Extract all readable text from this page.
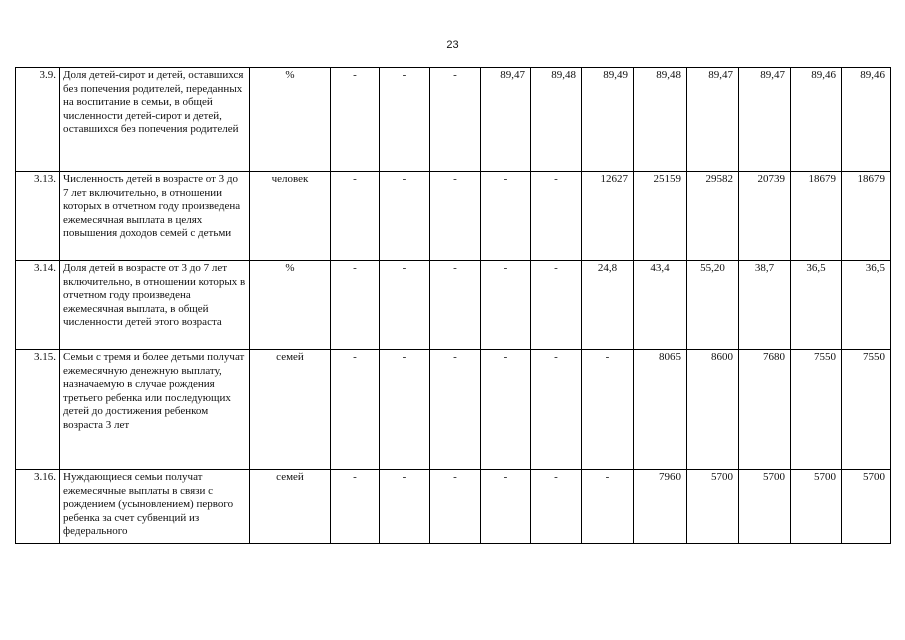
23
3.9.	Доля детей-сирот и детей, оставшихся без попечения родителей, переданных на воспитание в семьи, в общей численности детей-сирот и детей, оставшихся без попечения родителей	%	-	-	-	89,47	89,48	89,49	89,48	89,47	89,47	89,46	89,46
3.13.	Численность детей в возрасте от 3 до 7 лет включительно, в отношении которых в отчетном году произведена ежемесячная выплата в целях повышения доходов семей с детьми	человек	-	-	-	-	-	12627	25159	29582	20739	18679	18679
3.14.	Доля детей в возрасте от 3 до 7 лет включительно, в отношении которых в отчетном году произведена ежемесячная выплата, в общей численности детей этого возраста	%	-	-	-	-	-	24,8	43,4	55,20	38,7	36,5	36,5
3.15.	Семьи с тремя и более детьми получат ежемесячную денежную выплату, назначаемую в случае рождения третьего ребенка или последующих детей до достижения ребенком возраста 3 лет	семей	-	-	-	-	-	-	8065	8600	7680	7550	7550
3.16.	Нуждающиеся семьи получат ежемесячные выплаты в связи с рождением (усыновлением) первого ребенка за счет субвенций из федерального	семей	-	-	-	-	-	-	7960	5700	5700	5700	5700
